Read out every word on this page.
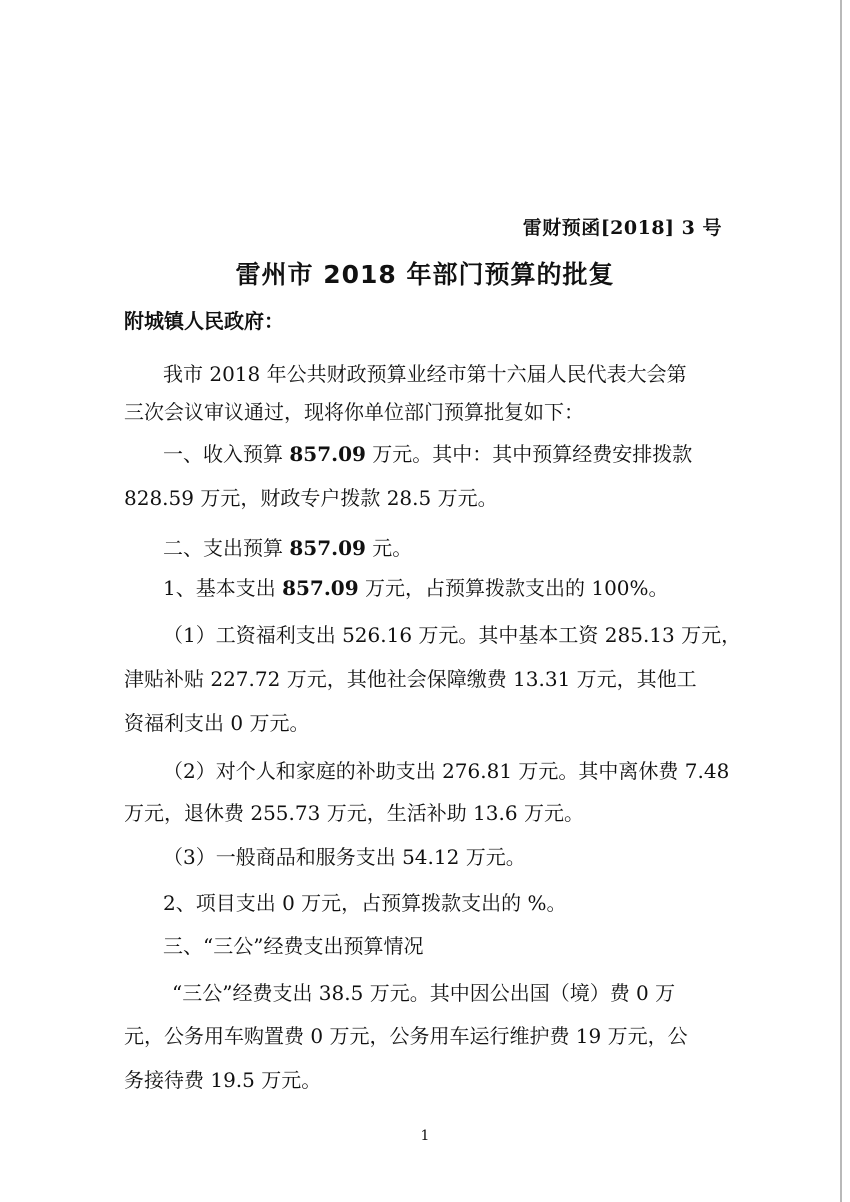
雷财预函[2018] 3 号
雷州市 2018 年部门预算的批复
附城镇人民政府：
我市 2018 年公共财政预算业经市第十六届人民代表大会第
三次会议审议通过，现将你单位部门预算批复如下：
一、收入预算 857.09 万元。其中：其中预算经费安排拨款
828.59 万元，财政专户拨款 28.5 万元。
二、支出预算 857.09 元。
1、基本支出 857.09 万元，占预算拨款支出的 100%。
（1）工资福利支出 526.16 万元。其中基本工资 285.13 万元，
津贴补贴 227.72 万元，其他社会保障缴费 13.31 万元，其他工
资福利支出 0 万元。
（2）对个人和家庭的补助支出 276.81 万元。其中离休费 7.48
万元，退休费 255.73 万元，生活补助 13.6 万元。
（3）一般商品和服务支出 54.12 万元。
2、项目支出 0 万元，占预算拨款支出的 %。
三、“三公”经费支出预算情况
“三公”经费支出 38.5 万元。其中因公出国（境）费 0 万
元，公务用车购置费 0 万元，公务用车运行维护费 19 万元，公
务接待费 19.5 万元。
1
